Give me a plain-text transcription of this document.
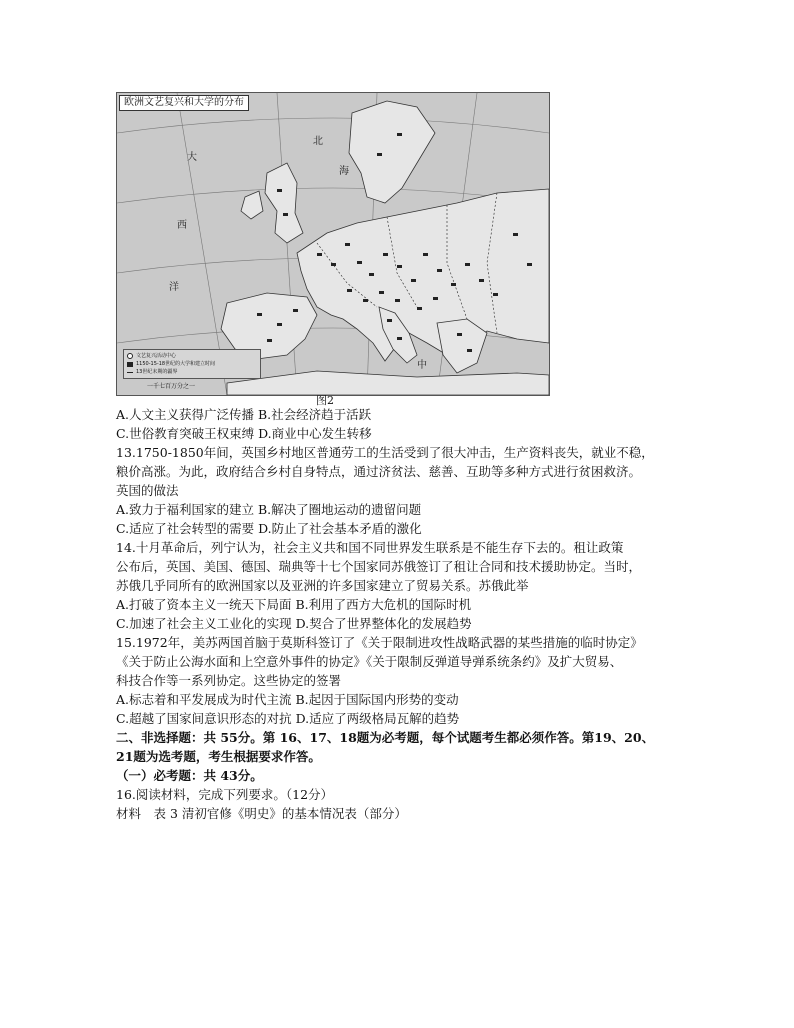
欧洲文艺复兴和大学的分布
大
西
洋
北
海
中
文艺复兴活动中心
1150-15-18世纪的大学和建立时间
13世纪末期的疆界
一千七百万分之一
图2
A.人文主义获得广泛传播 B.社会经济趋于活跃
C.世俗教育突破王权束缚 D.商业中心发生转移
13.1750-1850年间，英国乡村地区普通劳工的生活受到了很大冲击，生产资料丧失，就业不稳，
粮价高涨。为此，政府结合乡村自身特点，通过济贫法、慈善、互助等多种方式进行贫困救济。
英国的做法
A.致力于福利国家的建立 B.解决了圈地运动的遗留问题
C.适应了社会转型的需要 D.防止了社会基本矛盾的激化
14.十月革命后，列宁认为，社会主义共和国不同世界发生联系是不能生存下去的。租让政策
公布后，英国、美国、德国、瑞典等十七个国家同苏俄签订了租让合同和技术援助协定。当时，
苏俄几乎同所有的欧洲国家以及亚洲的许多国家建立了贸易关系。苏俄此举
A.打破了资本主义一统天下局面 B.利用了西方大危机的国际时机
C.加速了社会主义工业化的实现 D.契合了世界整体化的发展趋势
15.1972年，美苏两国首脑于莫斯科签订了《关于限制进攻性战略武器的某些措施的临时协定》
《关于防止公海水面和上空意外事件的协定》《关于限制反弹道导弹系统条约》及扩大贸易、
科技合作等一系列协定。这些协定的签署
A.标志着和平发展成为时代主流 B.起因于国际国内形势的变动
C.超越了国家间意识形态的对抗 D.适应了两级格局瓦解的趋势
二、非选择题：共 55分。第 16、17、18题为必考题，每个试题考生都必须作答。第19、20、
21题为选考题，考生根据要求作答。
（一）必考题：共 43分。
16.阅读材料，完成下列要求。（12分）
材料　表 3 清初官修《明史》的基本情况表（部分）
